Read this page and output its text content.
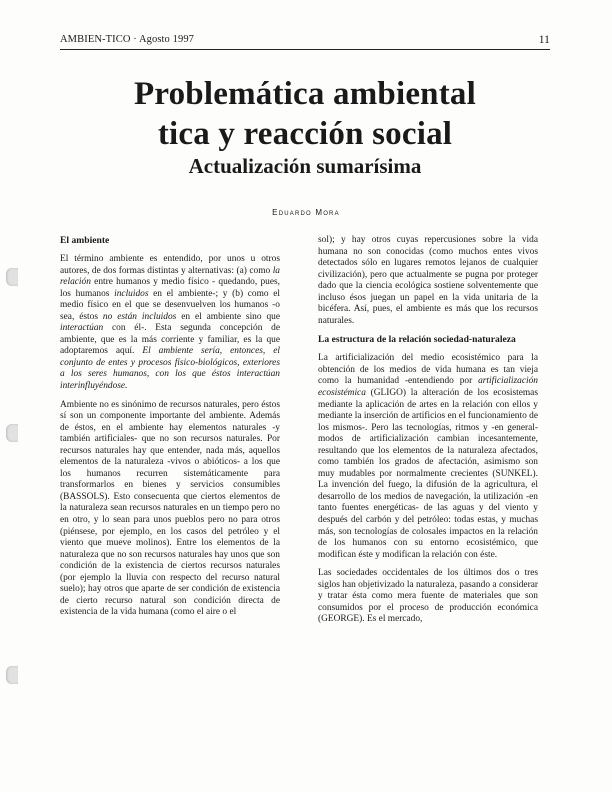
AMBIEN-TICO · Agosto 1997	11
Problemática ambiental
tica y reacción social
Actualización sumarísima
Eduardo Mora
El ambiente

El término ambiente es entendido, por unos u otros autores, de dos formas distintas y alternativas: (a) como la relación entre humanos y medio físico - quedando, pues, los humanos incluidos en el ambiente-; y (b) como el medio físico en el que se desenvuelven los humanos -o sea, éstos no están incluidos en el ambiente sino que interactúan con él-. Esta segunda concepción de ambiente, que es la más corriente y familiar, es la que adoptaremos aquí. El ambiente sería, entonces, el conjunto de entes y procesos físico-biológicos, exteriores a los seres humanos, con los que éstos interactúan interinfluyéndose.

Ambiente no es sinónimo de recursos naturales, pero éstos sí son un componente importante del ambiente. Además de éstos, en el ambiente hay elementos naturales -y también artificiales- que no son recursos naturales. Por recursos naturales hay que entender, nada más, aquellos elementos de la naturaleza -vivos o abióticos- a los que los humanos recurren sistemáticamente para transformarlos en bienes y servicios consumibles (BASSOLS). Esto consecuenta que ciertos elementos de la naturaleza sean recursos naturales en un tiempo pero no en otro, y lo sean para unos pueblos pero no para otros (piénsese, por ejemplo, en los casos del petróleo y el viento que mueve molinos). Entre los elementos de la naturaleza que no son recursos naturales hay unos que son condición de la existencia de ciertos recursos naturales (por ejemplo la lluvia con respecto del recurso natural suelo); hay otros que aparte de ser condición de existencia de cierto recurso natural son condición directa de existencia de la vida humana (como el aire o el

sol); y hay otros cuyas repercusiones sobre la vida humana no son conocidas (como muchos entes vivos detectados sólo en lugares remotos lejanos de cualquier civilización), pero que actualmente se pugna por proteger dado que la ciencia ecológica sostiene solventemente que incluso ésos juegan un papel en la vida unitaria de la bicéfera. Así, pues, el ambiente es más que los recursos naturales.

La estructura de la relación sociedad-naturaleza

La artificialización del medio ecosistémico para la obtención de los medios de vida humana es tan vieja como la humanidad -entendiendo por artificialización ecosistémica (GLIGO) la alteración de los ecosistemas mediante la aplicación de artes en la relación con ellos y mediante la inserción de artificios en el funcionamiento de los mismos-. Pero las tecnologías, ritmos y -en general- modos de artificialización cambian incesantemente, resultando que los elementos de la naturaleza afectados, como también los grados de afectación, asimismo son muy mudables por normalmente crecientes (SUNKEL). La invención del fuego, la difusión de la agricultura, el desarrollo de los medios de navegación, la utilización -en tanto fuentes energéticas- de las aguas y del viento y después del carbón y del petróleo: todas estas, y muchas más, son tecnologías de colosales impactos en la relación de los humanos con su entorno ecosistémico, que modifican éste y modifican la relación con éste.

Las sociedades occidentales de los últimos dos o tres siglos han objetivizado la naturaleza, pasando a considerar y tratar ésta como mera fuente de materiales que son consumidos por el proceso de producción económica (GEORGE). Es el mercado,
